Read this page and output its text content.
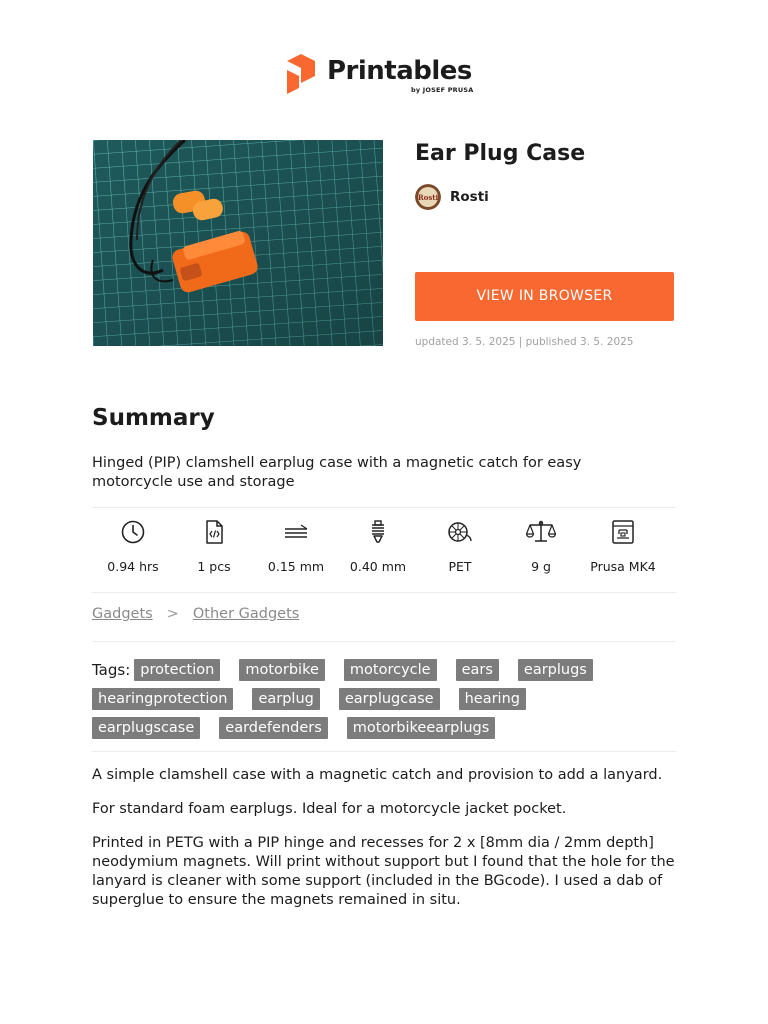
Printables
by JOSEF PRUSA
Ear Plug Case
Rosti Rosti
VIEW IN BROWSER
updated 3. 5. 2025 | published 3. 5. 2025
Summary

Hinged (PIP) clamshell earplug case with a magnetic catch for easy motorcycle use and storage

0.94 hrs	1 pcs	0.15 mm	0.40 mm	PET	9 g	Prusa MK4
Gadgets > Other Gadgets
Tags: protection	motorbike	motorcycle	ears	earplugs
hearingprotection	earplug	earplugcase	hearing
earplugscase	eardefenders	motorbikeearplugs

A simple clamshell case with a magnetic catch and provision to add a lanyard.

For standard foam earplugs. Ideal for a motorcycle jacket pocket.

Printed in PETG with a PIP hinge and recesses for 2 x [8mm dia / 2mm depth] neodymium magnets. Will print without support but I found that the hole for the lanyard is cleaner with some support (included in the BGcode). I used a dab of superglue to ensure the magnets remained in situ.
